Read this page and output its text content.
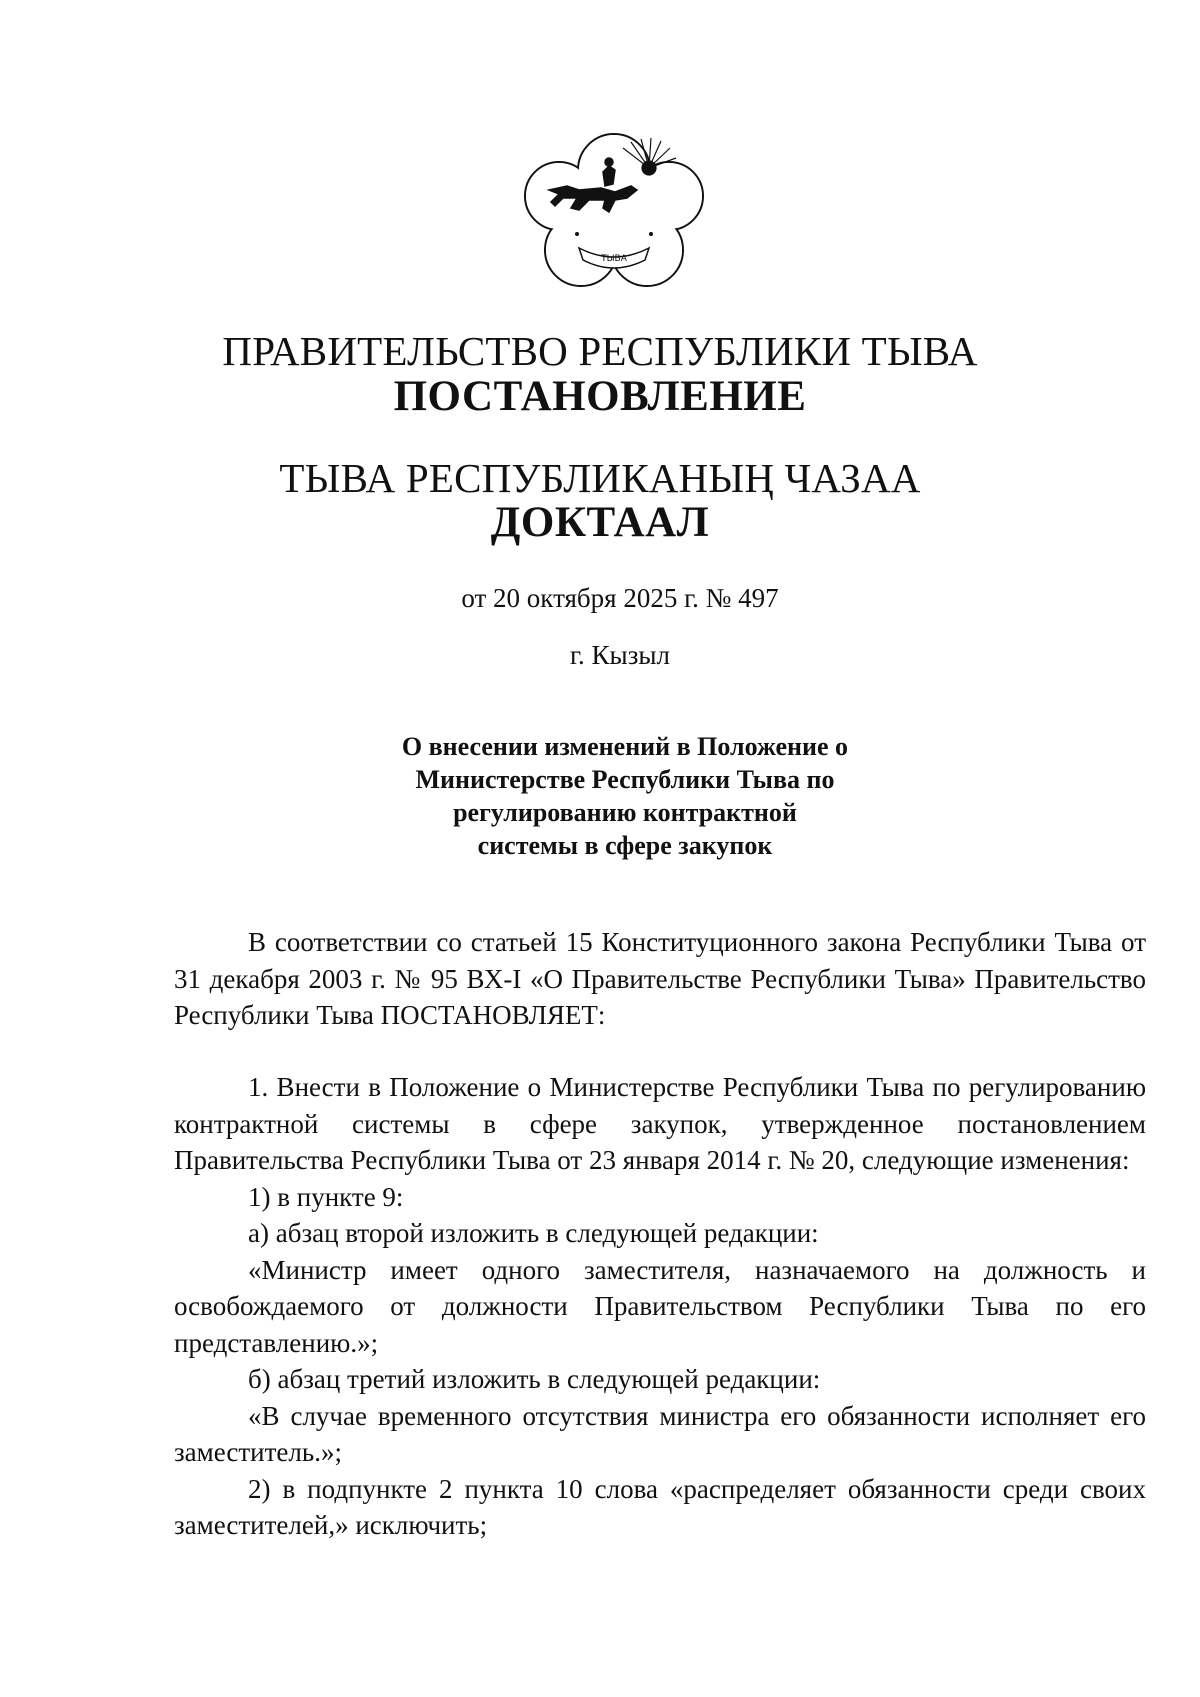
ТЫВА
ПРАВИТЕЛЬСТВО РЕСПУБЛИКИ ТЫВА
ПОСТАНОВЛЕНИЕ
ТЫВА РЕСПУБЛИКАНЫҢ ЧАЗАА
ДОКТААЛ
от 20 октября 2025 г. № 497
г. Кызыл
О внесении изменений в Положение о
Министерстве Республики Тыва по
регулированию контрактной
системы в сфере закупок

В соответствии со статьей 15 Конституционного закона Республики Тыва от 31 декабря 2003 г. № 95 ВХ-I «О Правительстве Республики Тыва» Правительство Республики Тыва ПОСТАНОВЛЯЕТ:

1. Внести в Положение о Министерстве Республики Тыва по регулированию контрактной системы в сфере закупок, утвержденное постановлением Правительства Республики Тыва от 23 января 2014 г. № 20, следующие изменения:

1) в пункте 9:

а) абзац второй изложить в следующей редакции:

«Министр имеет одного заместителя, назначаемого на должность и освобождаемого от должности Правительством Республики Тыва по его представлению.»;

б) абзац третий изложить в следующей редакции:

«В случае временного отсутствия министра его обязанности исполняет его заместитель.»;

2) в подпункте 2 пункта 10 слова «распределяет обязанности среди своих заместителей,» исключить;
